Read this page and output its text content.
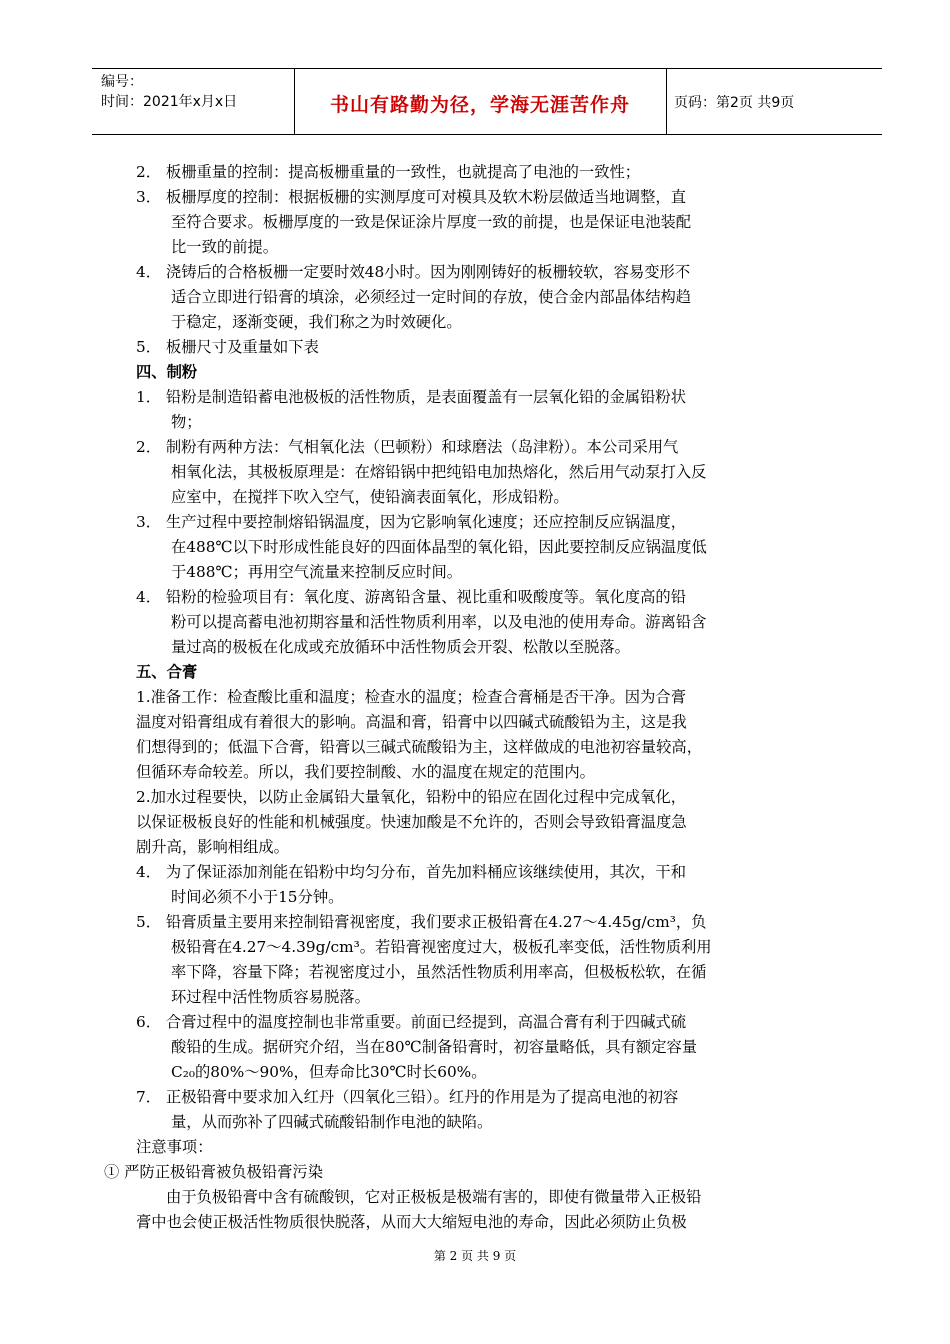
编号：
时间：2021年x月x日	书山有路勤为径，学海无涯苦作舟	页码：第2页 共9页
2． 板栅重量的控制：提高板栅重量的一致性，也就提高了电池的一致性；
3． 板栅厚度的控制：根据板栅的实测厚度可对模具及软木粉层做适当地调整，直
至符合要求。板栅厚度的一致是保证涂片厚度一致的前提，也是保证电池装配
比一致的前提。
4． 浇铸后的合格板栅一定要时效48小时。因为刚刚铸好的板栅较软，容易变形不
适合立即进行铅膏的填涂，必须经过一定时间的存放，使合金内部晶体结构趋
于稳定，逐渐变硬，我们称之为时效硬化。
5． 板栅尺寸及重量如下表
四、制粉
1． 铅粉是制造铅蓄电池极板的活性物质，是表面覆盖有一层氧化铅的金属铅粉状
物；
2． 制粉有两种方法：气相氧化法（巴顿粉）和球磨法（岛津粉）。本公司采用气
相氧化法，其极板原理是：在熔铅锅中把纯铅电加热熔化，然后用气动泵打入反
应室中，在搅拌下吹入空气，使铅滴表面氧化，形成铅粉。
3． 生产过程中要控制熔铅锅温度，因为它影响氧化速度；还应控制反应锅温度，
在488℃以下时形成性能良好的四面体晶型的氧化铅，因此要控制反应锅温度低
于488℃；再用空气流量来控制反应时间。
4． 铅粉的检验项目有：氧化度、游离铅含量、视比重和吸酸度等。氧化度高的铅
粉可以提高蓄电池初期容量和活性物质利用率，以及电池的使用寿命。游离铅含
量过高的极板在化成或充放循环中活性物质会开裂、松散以至脱落。
五、合膏
1.准备工作：检查酸比重和温度；检查水的温度；检查合膏桶是否干净。因为合膏
温度对铅膏组成有着很大的影响。高温和膏，铅膏中以四碱式硫酸铅为主，这是我
们想得到的；低温下合膏，铅膏以三碱式硫酸铅为主，这样做成的电池初容量较高，
但循环寿命较差。所以，我们要控制酸、水的温度在规定的范围内。
2.加水过程要快，以防止金属铅大量氧化，铅粉中的铅应在固化过程中完成氧化，
以保证极板良好的性能和机械强度。快速加酸是不允许的，否则会导致铅膏温度急
剧升高，影响相组成。
4． 为了保证添加剂能在铅粉中均匀分布，首先加料桶应该继续使用，其次，干和
时间必须不小于15分钟。
5． 铅膏质量主要用来控制铅膏视密度，我们要求正极铅膏在4.27～4.45g/cm³，负
极铅膏在4.27～4.39g/cm³。若铅膏视密度过大，极板孔率变低，活性物质利用
率下降，容量下降；若视密度过小，虽然活性物质利用率高，但极板松软，在循
环过程中活性物质容易脱落。
6． 合膏过程中的温度控制也非常重要。前面已经提到，高温合膏有利于四碱式硫
酸铅的生成。据研究介绍，当在80℃制备铅膏时，初容量略低，具有额定容量
C₂₀的80%～90%，但寿命比30℃时长60%。
7． 正极铅膏中要求加入红丹（四氧化三铅）。红丹的作用是为了提高电池的初容
量，从而弥补了四碱式硫酸铅制作电池的缺陷。
注意事项：
① 严防正极铅膏被负极铅膏污染
由于负极铅膏中含有硫酸钡，它对正极板是极端有害的，即使有微量带入正极铅
膏中也会使正极活性物质很快脱落，从而大大缩短电池的寿命，因此必须防止负极
第 2 页 共 9 页
